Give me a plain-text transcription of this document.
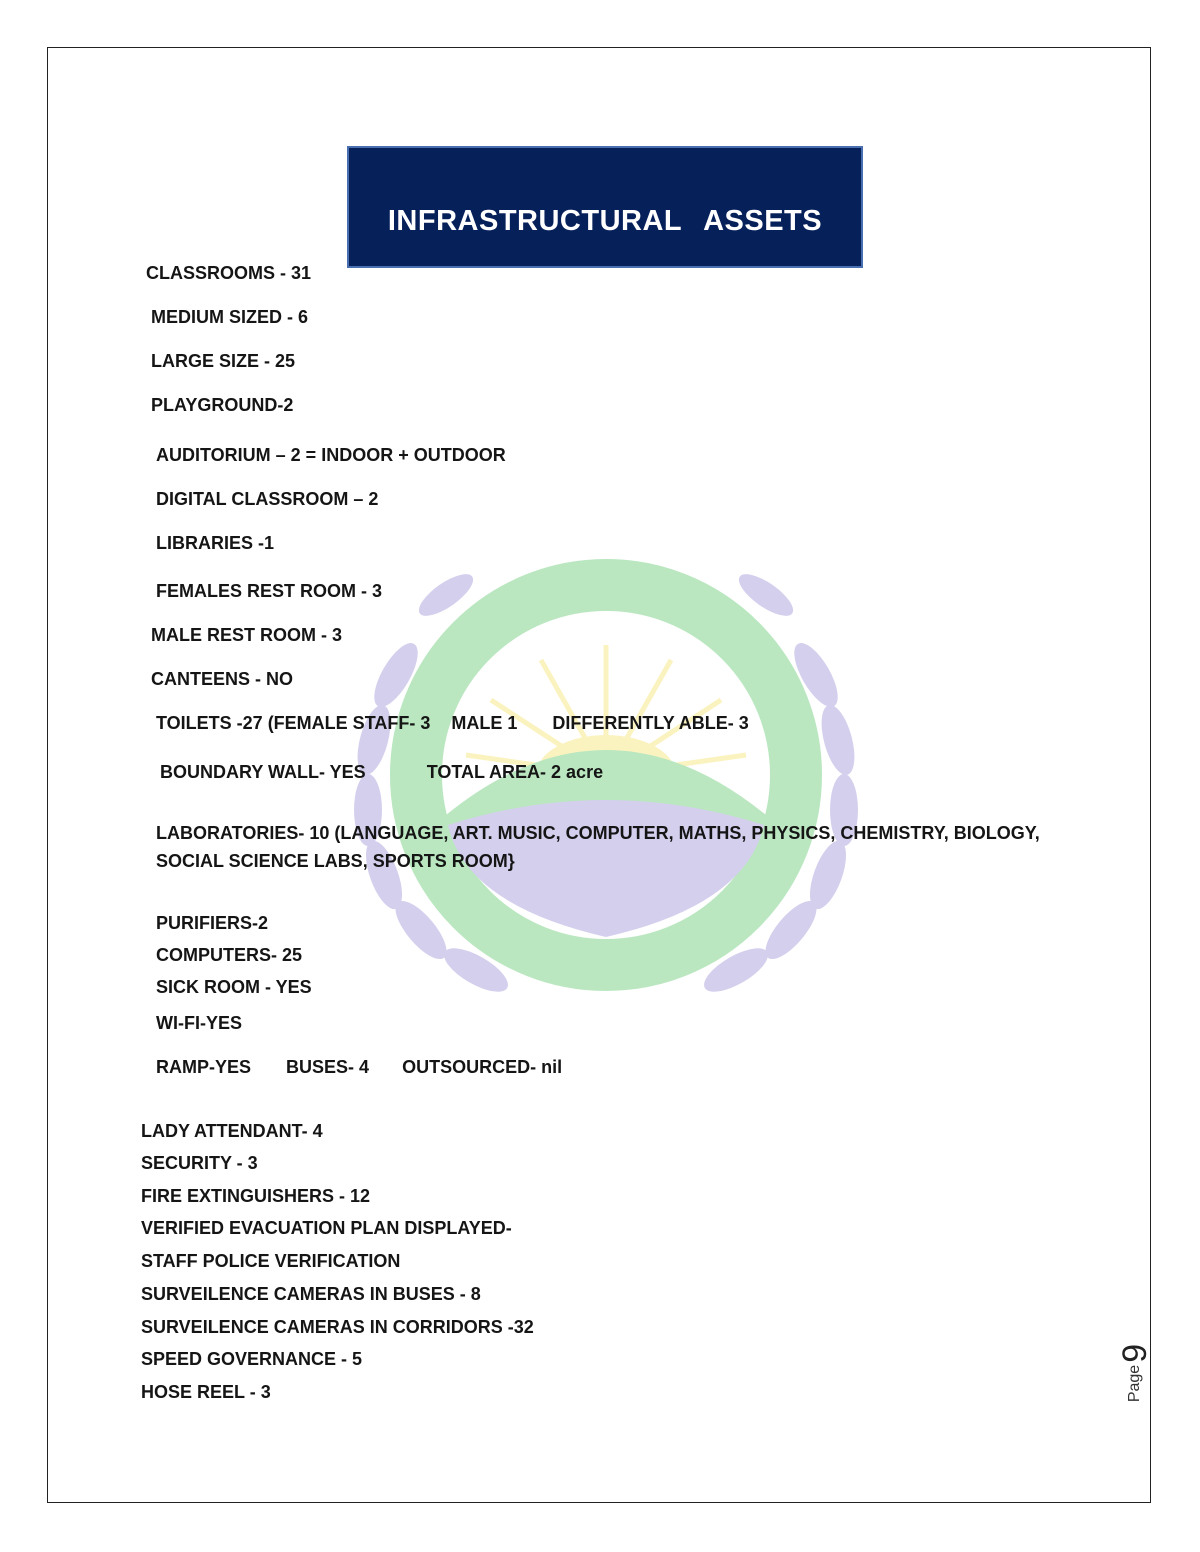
INFRASTRUCTURAL ASSETS
CLASSROOMS - 31
MEDIUM SIZED - 6
LARGE SIZE - 25
PLAYGROUND-2
AUDITORIUM – 2 = INDOOR + OUTDOOR
DIGITAL CLASSROOM – 2
LIBRARIES -1
FEMALES REST ROOM - 3
MALE REST ROOM - 3
CANTEENS - NO
TOILETS -27 (FEMALE STAFF- 3 MALE 1 DIFFERENTLY ABLE- 3
BOUNDARY WALL- YES	TOTAL AREA- 2 acre
LABORATORIES- 10 (LANGUAGE, ART. MUSIC, COMPUTER, MATHS, PHYSICS, CHEMISTRY, BIOLOGY,
SOCIAL SCIENCE LABS, SPORTS ROOM}
PURIFIERS-2
COMPUTERS- 25
SICK ROOM - YES
WI-FI-YES
RAMP-YES BUSES- 4 OUTSOURCED- nil
LADY ATTENDANT- 4
SECURITY - 3
FIRE EXTINGUISHERS - 12
VERIFIED EVACUATION PLAN DISPLAYED-
STAFF POLICE VERIFICATION
SURVEILENCE CAMERAS IN BUSES - 8
SURVEILENCE CAMERAS IN CORRIDORS -32
SPEED GOVERNANCE - 5
HOSE REEL - 3	Page
9
